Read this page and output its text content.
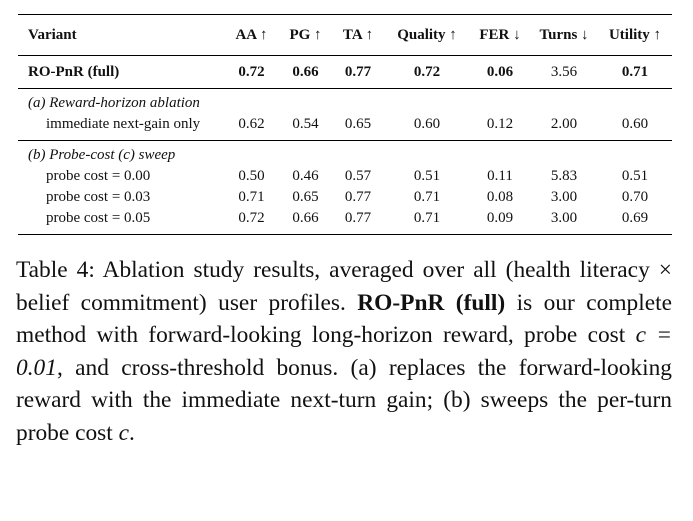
Variant	AA ↑	PG ↑	TA ↑	Quality ↑	FER ↓	Turns ↓	Utility ↑
RO-PnR (full)	0.72	0.66	0.77	0.72	0.06	3.56	0.71
(a) Reward-horizon ablation							
immediate next-gain only	0.62	0.54	0.65	0.60	0.12	2.00	0.60
(b) Probe-cost (c) sweep							
probe cost = 0.00	0.50	0.46	0.57	0.51	0.11	5.83	0.51
probe cost = 0.03	0.71	0.65	0.77	0.71	0.08	3.00	0.70
probe cost = 0.05	0.72	0.66	0.77	0.71	0.09	3.00	0.69
Table 4: Ablation study results, averaged over all (health literacy × belief commitment) user profiles. RO-PnR (full) is our complete method with forward-looking long-horizon reward, probe cost c = 0.01, and cross-threshold bonus. (a) replaces the forward-looking reward with the immediate next-turn gain; (b) sweeps the per-turn probe cost c.
